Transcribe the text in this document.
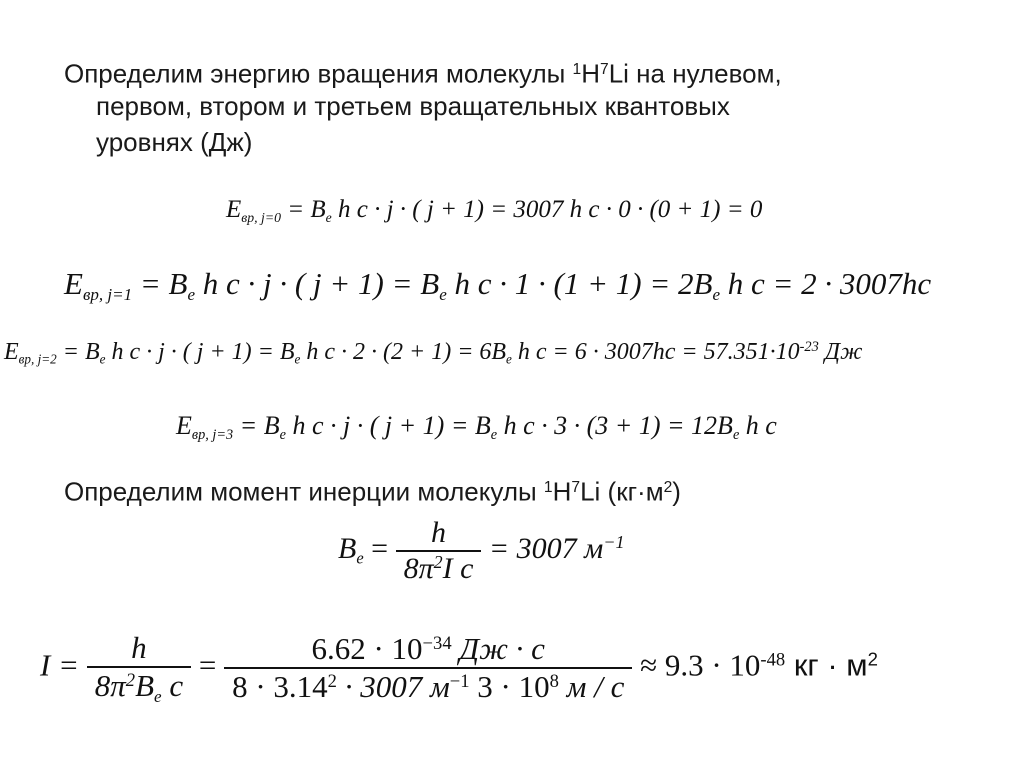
Определим энергию вращения молекулы $^1H^7Li$ на нулевом,
первом, втором и третьем вращательных квантовых
уровнях (Дж)
$E_{вр, j=0} = B_e$ h c · j · ( j + 1) = 3007 h c · 0 · (0 + 1) = 0
$E_{вр, j=1} = B_e$ h c · j · ( $j + 1) = B_e$ h $c \cdot 1 \cdot (1 + 1) = 2B_e$ h c = 2 · 3007hc
$E_{вр, j=2} = B_e$ h c · j · ( $j + 1) = B_e$ h $c \cdot 2 \cdot (2 + 1) = 6B_e$ h $c = 6 \cdot 3007hc = 57.351\cdot 10^{-23}$ Дж
$E_{вр, j=3} = B_e$ h c · j · ( $j + 1) = B_e$ h $c \cdot 3 \cdot (3 + 1) = 12B_e$ h c
Определим момент инерции молекулы $^1H^7Li$ $(кг\cdot м^2)$
$B_e = \frac{h}{8\pi^2I c} = 3007$ $м^{-1}$
$I = \frac{h}{8\pi^2B_e c} = \frac{6.62 \cdot 10^{-34} Дж \cdot с}{8 \cdot 3.14^2 \cdot 3007 м^{-1} 3 \cdot 10^8 м / с} \approx 9.3 \cdot 10^{-48}$ кг · $м^2$
